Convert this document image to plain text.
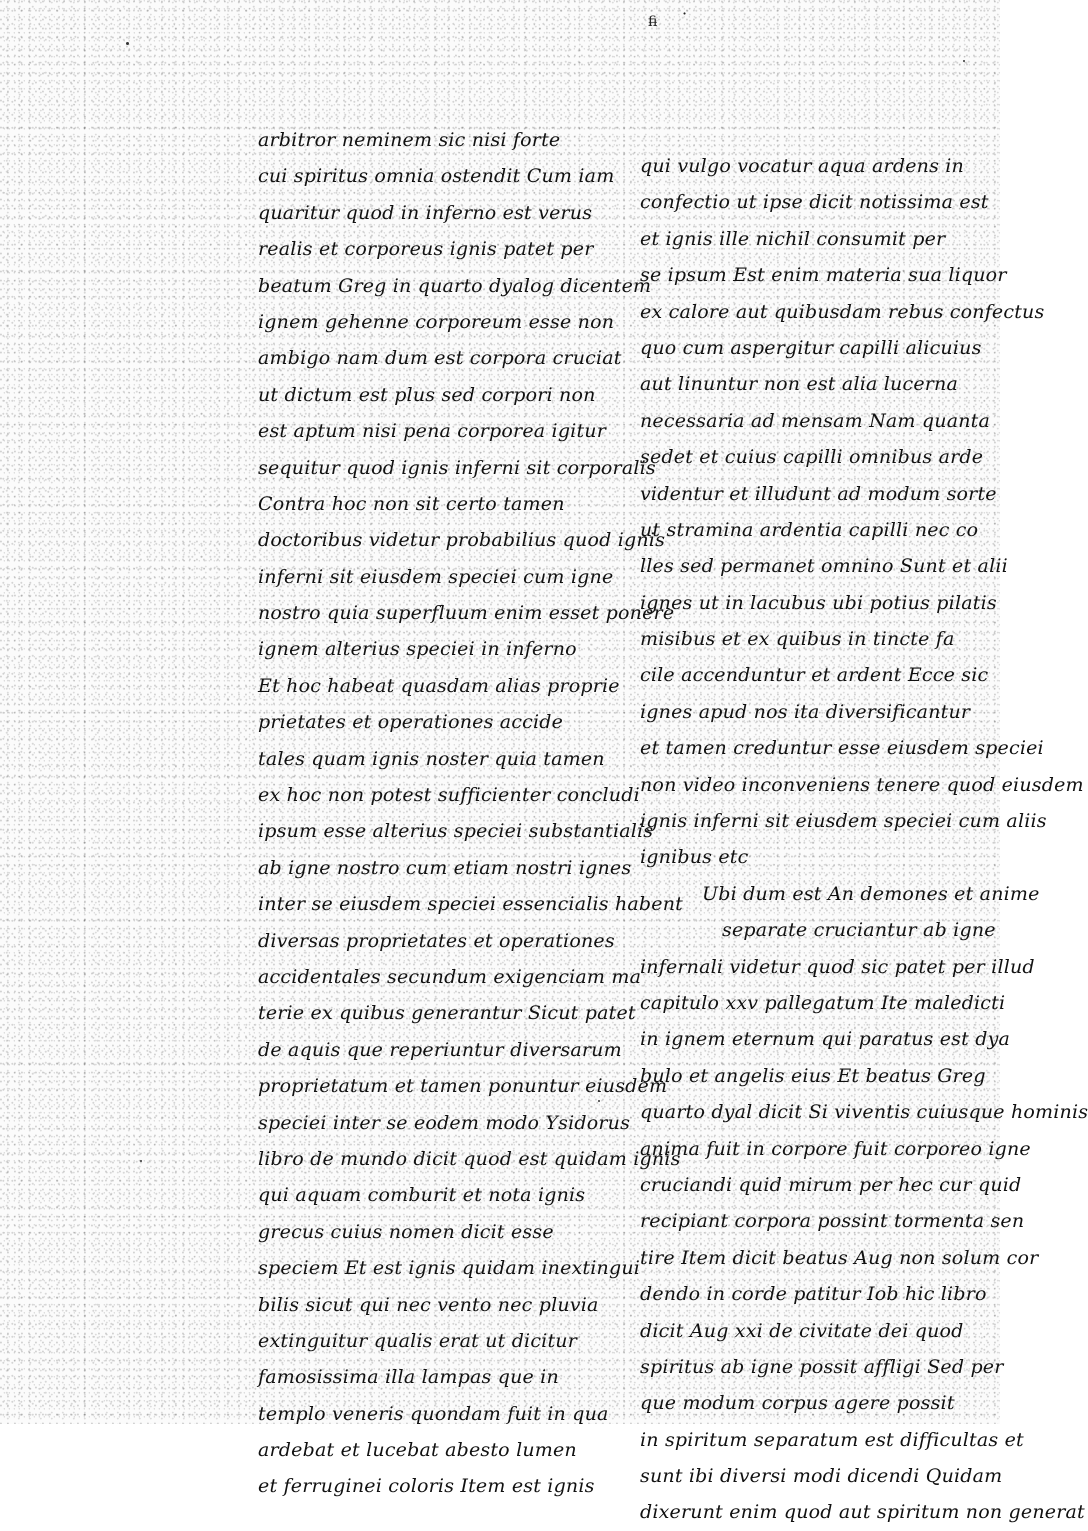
ﬁ̶ ·
arbitror neminem sic nisi forte
cui spiritus omnia ostendit Cum iam
quaritur quod in inferno est verus
realis et corporeus ignis patet per
beatum Greg in quarto dyalog dicentem
ignem gehenne corporeum esse non
ambigo nam dum est corpora cruciat
ut dictum est plus sed corpori non
est aptum nisi pena corporea igitur
sequitur quod ignis inferni sit corporalis
Contra hoc non sit certo tamen
doctoribus videtur probabilius quod ignis
inferni sit eiusdem speciei cum igne
nostro quia superfluum enim esset ponere
ignem alterius speciei in inferno
Et hoc habeat quasdam alias proprie
prietates et operationes accide
tales quam ignis noster quia tamen
ex hoc non potest sufficienter concludi
ipsum esse alterius speciei substantialis
ab igne nostro cum etiam nostri ignes
inter se eiusdem speciei essencialis habent
diversas proprietates et operationes
accidentales secundum exigenciam ma
terie ex quibus generantur Sicut patet
de aquis que reperiuntur diversarum
proprietatum et tamen ponuntur eiusdem
speciei inter se eodem modo Ysidorus
libro de mundo dicit quod est quidam ignis
qui aquam comburit et nota ignis
grecus cuius nomen dicit esse
speciem Et est ignis quidam inextingui
bilis sicut qui nec vento nec pluvia
extinguitur qualis erat ut dicitur
famosissima illa lampas que in
templo veneris quondam fuit in qua
ardebat et lucebat abesto lumen
et ferruginei coloris Item est ignis
qui vulgo vocatur aqua ardens in
confectio ut ipse dicit notissima est
et ignis ille nichil consumit per
se ipsum Est enim materia sua liquor
ex calore aut quibusdam rebus confectus
quo cum aspergitur capilli alicuius
aut linuntur non est alia lucerna
necessaria ad mensam Nam quanta
sedet et cuius capilli omnibus arde
videntur et illudunt ad modum sorte
ut stramina ardentia capilli nec co
lles sed permanet omnino Sunt et alii
ignes ut in lacubus ubi potius pilatis
misibus et ex quibus in tincte fa
cile accenduntur et ardent Ecce sic
ignes apud nos ita diversificantur
et tamen creduntur esse eiusdem speciei
non video inconveniens tenere quod eiusdem
ignis inferni sit eiusdem speciei cum aliis
ignibus etc
Ubi dum est An demones et anime
separate cruciantur ab igne
infernali videtur quod sic patet per illud
capitulo xxv pallegatum Ite maledicti
in ignem eternum qui paratus est dya
bulo et angelis eius Et beatus Greg
quarto dyal dicit Si viventis cuiusque hominis
anima fuit in corpore fuit corporeo igne
cruciandi quid mirum per hec cur quid
recipiant corpora possint tormenta sen
tire Item dicit beatus Aug non solum cor
dendo in corde patitur Iob hic libro
dicit Aug xxi de civitate dei quod
spiritus ab igne possit affligi Sed per
que modum corpus agere possit
in spiritum separatum est difficultas et
sunt ibi diversi modi dicendi Quidam
dixerunt enim quod aut spiritum non generat
